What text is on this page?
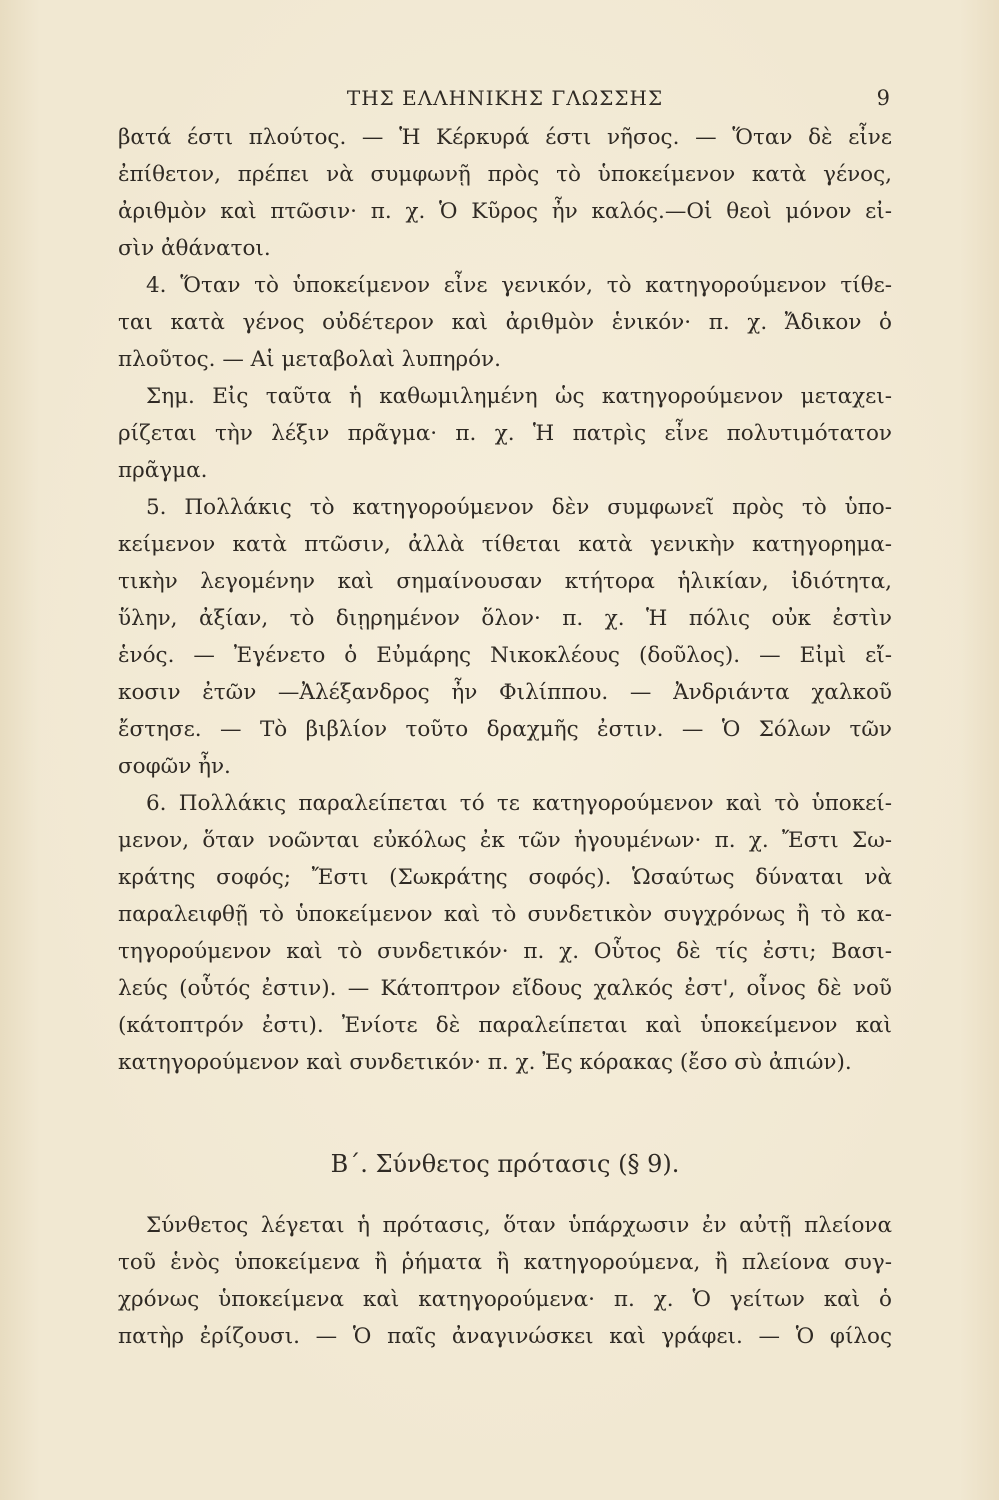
ΤΗΣ ΕΛΛΗΝΙΚΗΣ ΓΛΩΣΣΗΣ	9
βατά έστι πλούτος. — Ἡ Κέρκυρά έστι νῆσος. — Ὅταν δὲ εἶνε
ἐπίθετον, πρέπει νὰ συμφωνῇ πρὸς τὸ ὑποκείμενον κατὰ γένος,
ἀριθμὸν καὶ πτῶσιν· π. χ. Ὁ Κῦρος ἦν καλός.—Οἱ θεοὶ μόνον εἰ-
σὶν ἀθάνατοι.
4. Ὅταν τὸ ὑποκείμενον εἶνε γενικόν, τὸ κατηγορούμενον τίθε-
ται κατὰ γένος οὐδέτερον καὶ ἀριθμὸν ἑνικόν· π. χ. Ἄδικον ὁ
πλοῦτος. — Αἱ μεταβολαὶ λυπηρόν.
Σημ. Εἰς ταῦτα ἡ καθωμιλημένη ὡς κατηγορούμενον μεταχει-
ρίζεται τὴν λέξιν πρᾶγμα· π. χ. Ἡ πατρὶς εἶνε πολυτιμότατον
πρᾶγμα.
5. Πολλάκις τὸ κατηγορούμενον δὲν συμφωνεῖ πρὸς τὸ ὑπο-
κείμενον κατὰ πτῶσιν, ἀλλὰ τίθεται κατὰ γενικὴν κατηγορημα-
τικὴν λεγομένην καὶ σημαίνουσαν κτήτορα ἡλικίαν, ἰδιότητα,
ὕλην, ἀξίαν, τὸ διῃρημένον ὅλον· π. χ. Ἡ πόλις οὐκ ἐστὶν
ἑνός. — Ἐγένετο ὁ Εὐμάρης Νικοκλέους (δοῦλος). — Εἰμὶ εἴ-
κοσιν ἐτῶν —Ἀλέξανδρος ἦν Φιλίππου. — Ἀνδριάντα χαλκοῦ
ἔστησε. — Τὸ βιβλίον τοῦτο δραχμῆς ἐστιν. — Ὁ Σόλων τῶν
σοφῶν ἦν.
6. Πολλάκις παραλείπεται τό τε κατηγορούμενον καὶ τὸ ὑποκεί-
μενον, ὅταν νοῶνται εὐκόλως ἐκ τῶν ἡγουμένων· π. χ. Ἔστι Σω-
κράτης σοφός; Ἔστι (Σωκράτης σοφός). Ὡσαύτως δύναται νὰ
παραλειφθῇ τὸ ὑποκείμενον καὶ τὸ συνδετικὸν συγχρόνως ἢ τὸ κα-
τηγορούμενον καὶ τὸ συνδετικόν· π. χ. Οὗτος δὲ τίς ἐστι; Βασι-
λεύς (οὗτός ἐστιν). — Κάτοπτρον εἴδους χαλκός ἐστ', οἶνος δὲ νοῦ
(κάτοπτρόν ἐστι). Ἐνίοτε δὲ παραλείπεται καὶ ὑποκείμενον καὶ
κατηγορούμενον καὶ συνδετικόν· π. χ. Ἐς κόρακας (ἔσο σὺ ἀπιών).
Β΄. Σύνθετος πρότασις (§ 9).
Σύνθετος λέγεται ἡ πρότασις, ὅταν ὑπάρχωσιν ἐν αὐτῇ πλείονα
τοῦ ἑνὸς ὑποκείμενα ἢ ῥήματα ἢ κατηγορούμενα, ἢ πλείονα συγ-
χρόνως ὑποκείμενα καὶ κατηγορούμενα· π. χ. Ὁ γείτων καὶ ὁ
πατὴρ ἐρίζουσι. — Ὁ παῖς ἀναγινώσκει καὶ γράφει. — Ὁ φίλος
